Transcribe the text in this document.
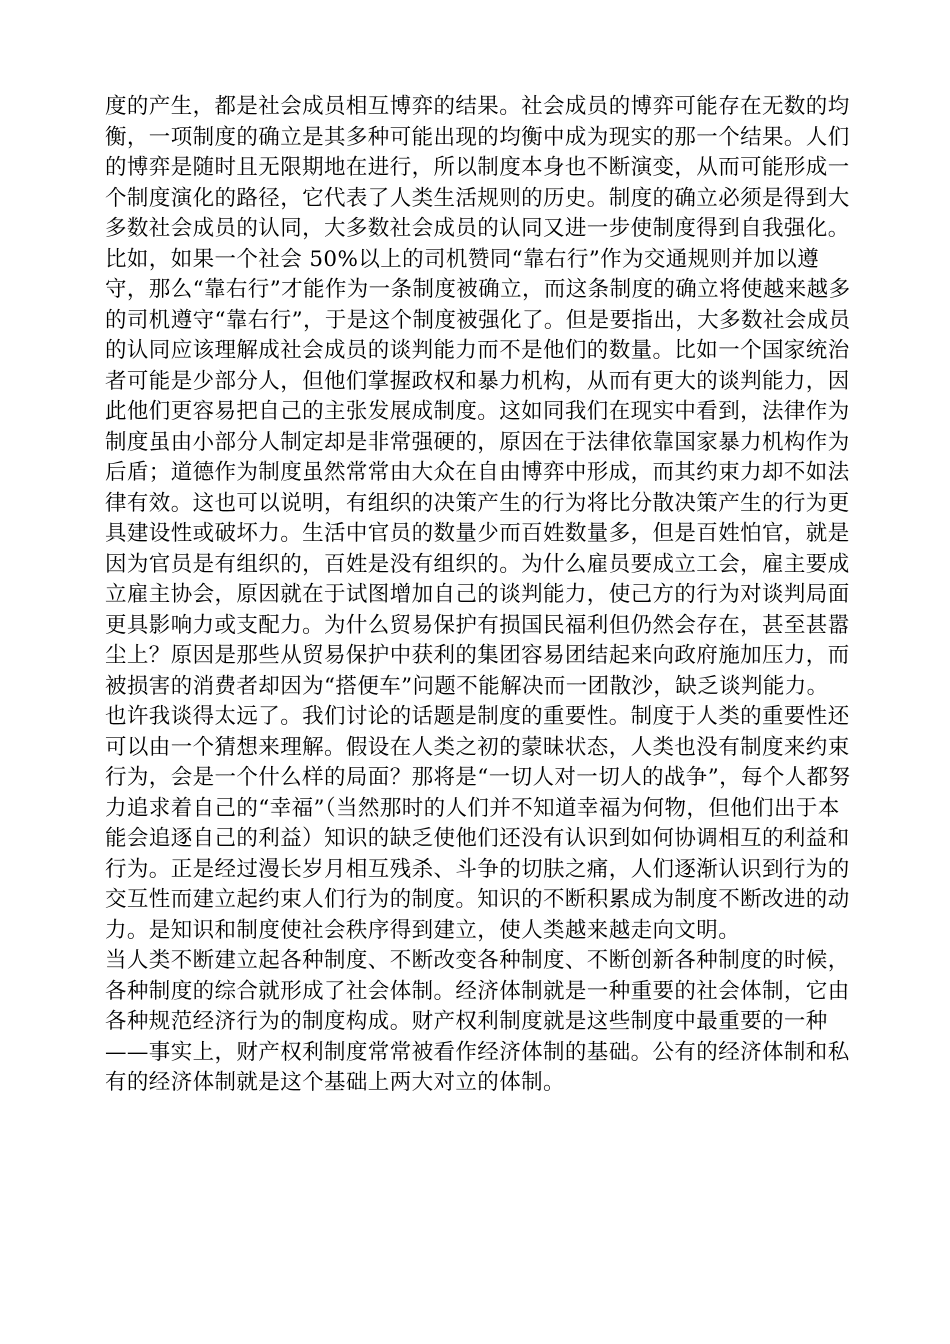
度的产生，都是社会成员相互博弈的结果。社会成员的博弈可能存在无数的均衡，一项制度的确立是其多种可能出现的均衡中成为现实的那一个结果。人们的博弈是随时且无限期地在进行，所以制度本身也不断演变，从而可能形成一个制度演化的路径，它代表了人类生活规则的历史。制度的确立必须是得到大多数社会成员的认同，大多数社会成员的认同又进一步使制度得到自我强化。比如，如果一个社会 50%以上的司机赞同“靠右行”作为交通规则并加以遵守，那么“靠右行”才能作为一条制度被确立，而这条制度的确立将使越来越多的司机遵守“靠右行”，于是这个制度被强化了。但是要指出，大多数社会成员的认同应该理解成社会成员的谈判能力而不是他们的数量。比如一个国家统治者可能是少部分人，但他们掌握政权和暴力机构，从而有更大的谈判能力，因此他们更容易把自己的主张发展成制度。这如同我们在现实中看到，法律作为制度虽由小部分人制定却是非常强硬的，原因在于法律依靠国家暴力机构作为后盾；道德作为制度虽然常常由大众在自由博弈中形成，而其约束力却不如法律有效。这也可以说明，有组织的决策产生的行为将比分散决策产生的行为更具建设性或破坏力。生活中官员的数量少而百姓数量多，但是百姓怕官，就是因为官员是有组织的，百姓是没有组织的。为什么雇员要成立工会，雇主要成立雇主协会，原因就在于试图增加自己的谈判能力，使己方的行为对谈判局面更具影响力或支配力。为什么贸易保护有损国民福利但仍然会存在，甚至甚嚣尘上？原因是那些从贸易保护中获利的集团容易团结起来向政府施加压力，而被损害的消费者却因为“搭便车”问题不能解决而一团散沙，缺乏谈判能力。

也许我谈得太远了。我们讨论的话题是制度的重要性。制度于人类的重要性还可以由一个猜想来理解。假设在人类之初的蒙昧状态，人类也没有制度来约束行为，会是一个什么样的局面？那将是“一切人对一切人的战争”，每个人都努力追求着自己的“幸福”（当然那时的人们并不知道幸福为何物，但他们出于本能会追逐自己的利益）知识的缺乏使他们还没有认识到如何协调相互的利益和行为。正是经过漫长岁月相互残杀、斗争的切肤之痛，人们逐渐认识到行为的交互性而建立起约束人们行为的制度。知识的不断积累成为制度不断改进的动力。是知识和制度使社会秩序得到建立，使人类越来越走向文明。

当人类不断建立起各种制度、不断改变各种制度、不断创新各种制度的时候，各种制度的综合就形成了社会体制。经济体制就是一种重要的社会体制，它由各种规范经济行为的制度构成。财产权利制度就是这些制度中最重要的一种——事实上，财产权利制度常常被看作经济体制的基础。公有的经济体制和私有的经济体制就是这个基础上两大对立的体制。
